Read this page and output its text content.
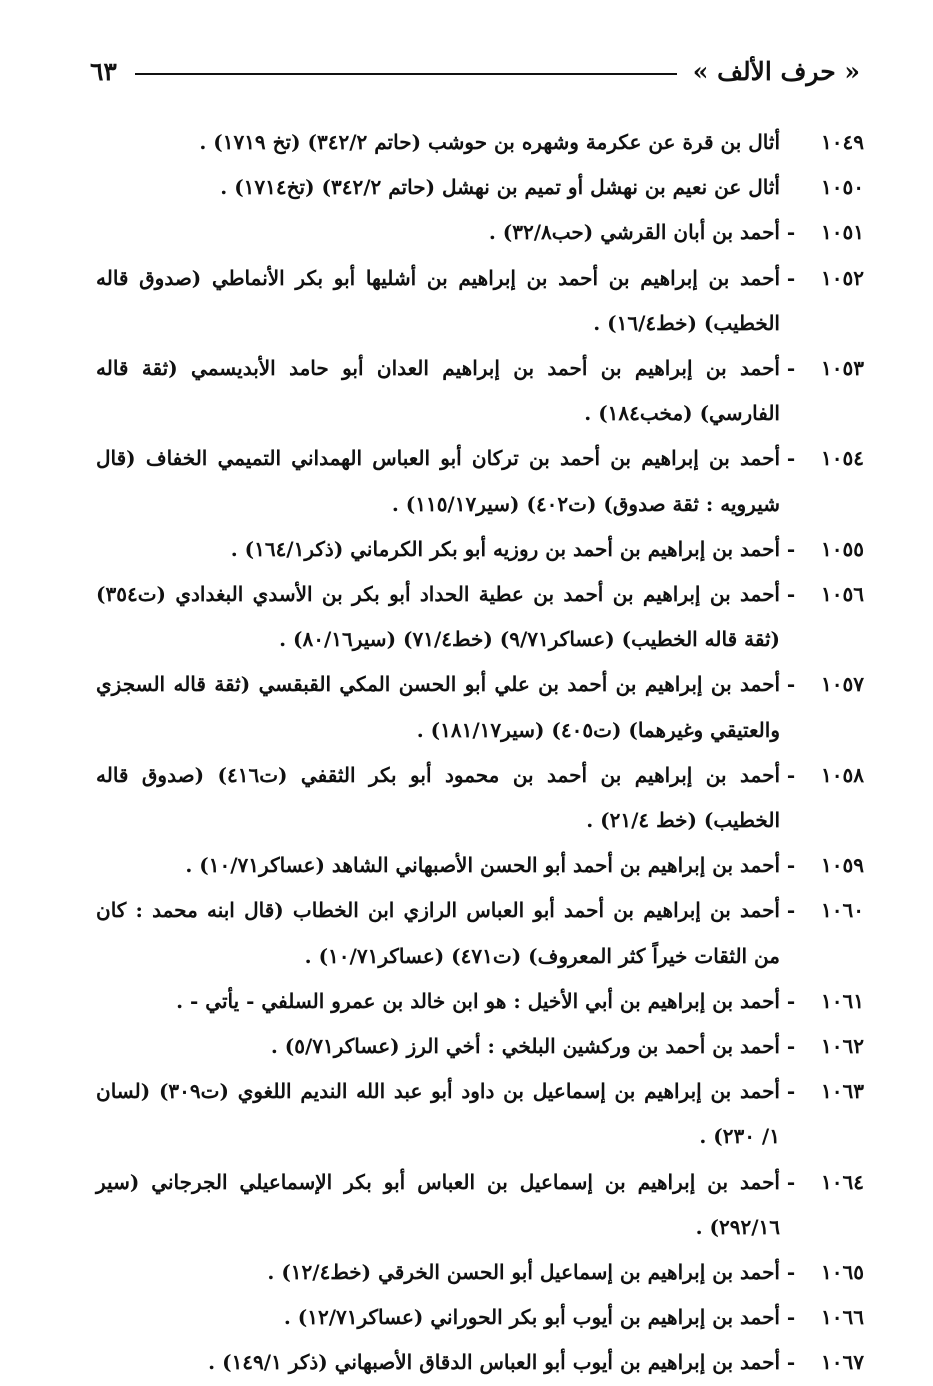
« حرف الألف »
٦٣
١٠٤٩
أثال بن قرة عن عكرمة وشهره بن حوشب (حاتم ٣٤٢/٢) (تخ ١٧١٩) .
١٠٥٠
أثال عن نعيم بن نهشل أو تميم بن نهشل (حاتم ٣٤٢/٢) (تخ١٧١٤) .
١٠٥١
-
أحمد بن أبان القرشي (حب٣٢/٨) .
١٠٥٢
-
أحمد بن إبراهيم بن أحمد بن إبراهيم بن أشليها أبو بكر الأنماطي (صدوق قاله الخطيب) (خط١٦/٤) .
١٠٥٣
-
أحمد بن إبراهيم بن أحمد بن إبراهيم العدان أبو حامد الأبديسمي (ثقة قاله الفارسي) (مخب١٨٤) .
١٠٥٤
-
أحمد بن إبراهيم بن أحمد بن تركان أبو العباس الهمداني التميمي الخفاف (قال شيرويه : ثقة صدوق) (ت٤٠٢) (سير١١٥/١٧) .
١٠٥٥
-
أحمد بن إبراهيم بن أحمد بن روزيه أبو بكر الكرماني (ذكر١٦٤/١) .
١٠٥٦
-
أحمد بن إبراهيم بن أحمد بن عطية الحداد أبو بكر بن الأسدي البغدادي (ت٣٥٤) (ثقة قاله الخطيب) (عساكر٩/٧١) (خط٧١/٤) (سير٨٠/١٦) .
١٠٥٧
-
أحمد بن إبراهيم بن أحمد بن علي أبو الحسن المكي القبقسي (ثقة قاله السجزي والعتيقي وغيرهما) (ت٤٠٥) (سير١٨١/١٧) .
١٠٥٨
-
أحمد بن إبراهيم بن أحمد بن محمود أبو بكر الثقفي (ت٤١٦) (صدوق قاله الخطيب) (خط ٢١/٤) .
١٠٥٩
-
أحمد بن إبراهيم بن أحمد أبو الحسن الأصبهاني الشاهد (عساكر١٠/٧١) .
١٠٦٠
-
أحمد بن إبراهيم بن أحمد أبو العباس الرازي ابن الخطاب (قال ابنه محمد : كان من الثقات خيراً كثر المعروف) (ت٤٧١) (عساكر١٠/٧١) .
١٠٦١
-
أحمد بن إبراهيم بن أبي الأخيل : هو ابن خالد بن عمرو السلفي - يأتي - .
١٠٦٢
-
أحمد بن أحمد بن وركشين البلخي : أخي الرز (عساكر٥/٧١) .
١٠٦٣
-
أحمد بن إبراهيم بن إسماعيل بن داود أبو عبد الله النديم اللغوي (ت٣٠٩) (لسان ١/ ٢٣٠) .
١٠٦٤
-
أحمد بن إبراهيم بن إسماعيل بن العباس أبو بكر الإسماعيلي الجرجاني (سير ٢٩٢/١٦) .
١٠٦٥
-
أحمد بن إبراهيم بن إسماعيل أبو الحسن الخرقي (خط١٢/٤) .
١٠٦٦
-
أحمد بن إبراهيم بن أيوب أبو بكر الحوراني (عساكر١٢/٧١) .
١٠٦٧
-
أحمد بن إبراهيم بن أيوب أبو العباس الدقاق الأصبهاني (ذكر ١٤٩/١) .
